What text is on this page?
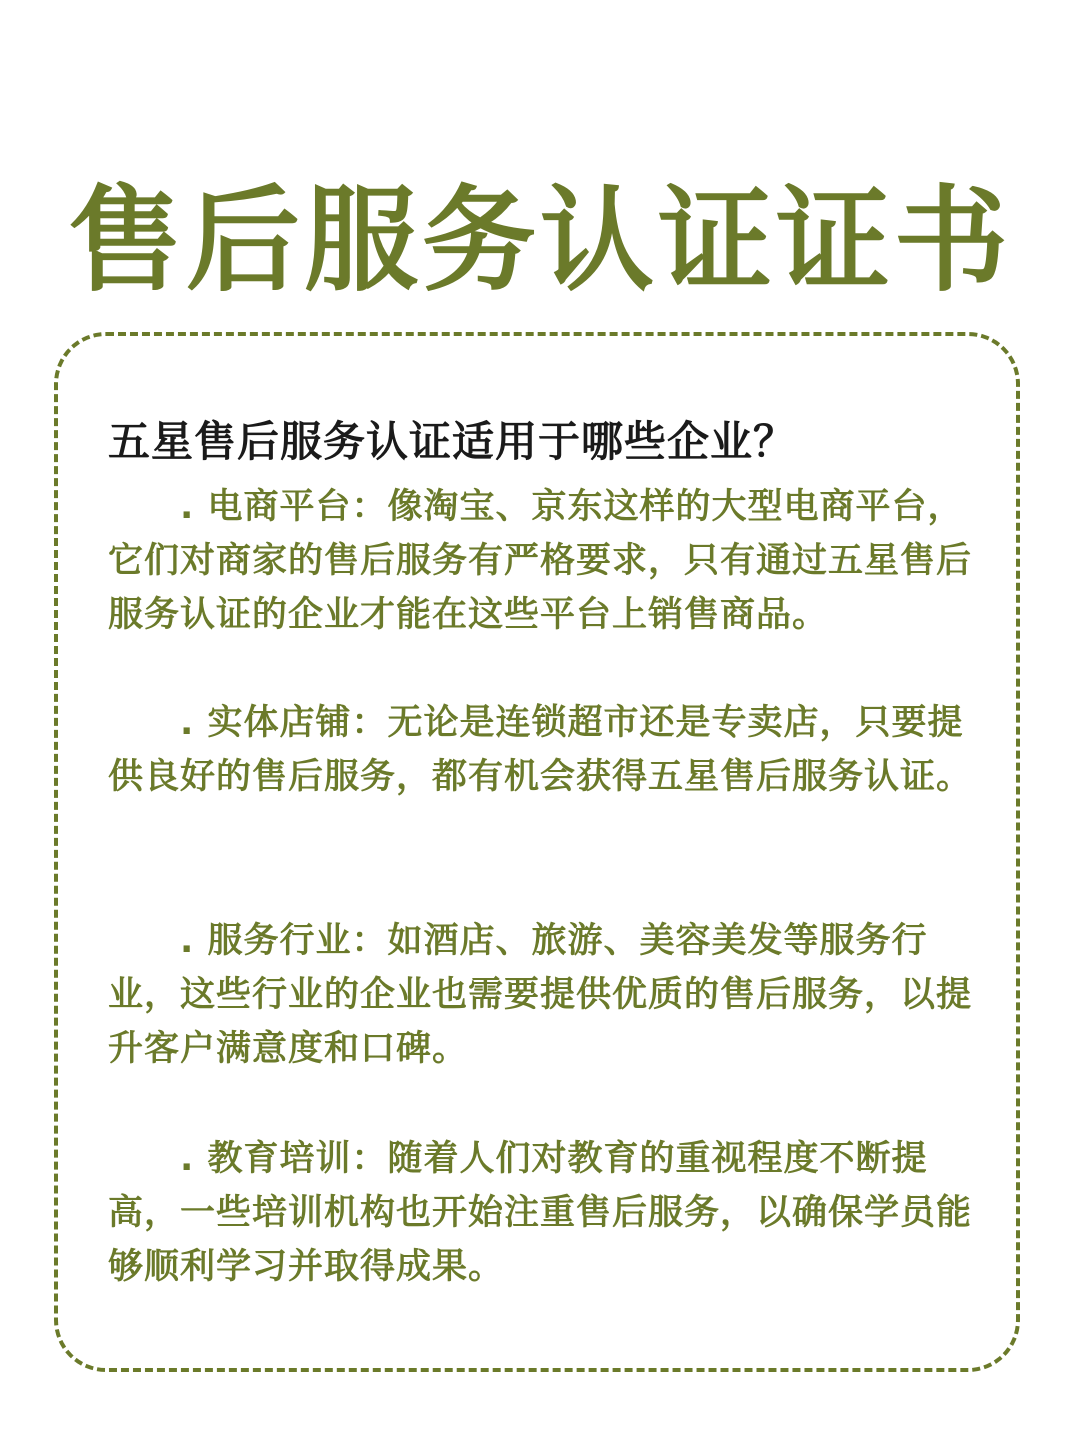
售后服务认证证书
五星售后服务认证适用于哪些企业？

. 电商平台：像淘宝、京东这样的大型电商平台，它们对商家的售后服务有严格要求，只有通过五星售后服务认证的企业才能在这些平台上销售商品。

. 实体店铺：无论是连锁超市还是专卖店，只要提供良好的售后服务，都有机会获得五星售后服务认证。

. 服务行业：如酒店、旅游、美容美发等服务行业，这些行业的企业也需要提供优质的售后服务，以提升客户满意度和口碑。

. 教育培训：随着人们对教育的重视程度不断提高，一些培训机构也开始注重售后服务，以确保学员能够顺利学习并取得成果。
